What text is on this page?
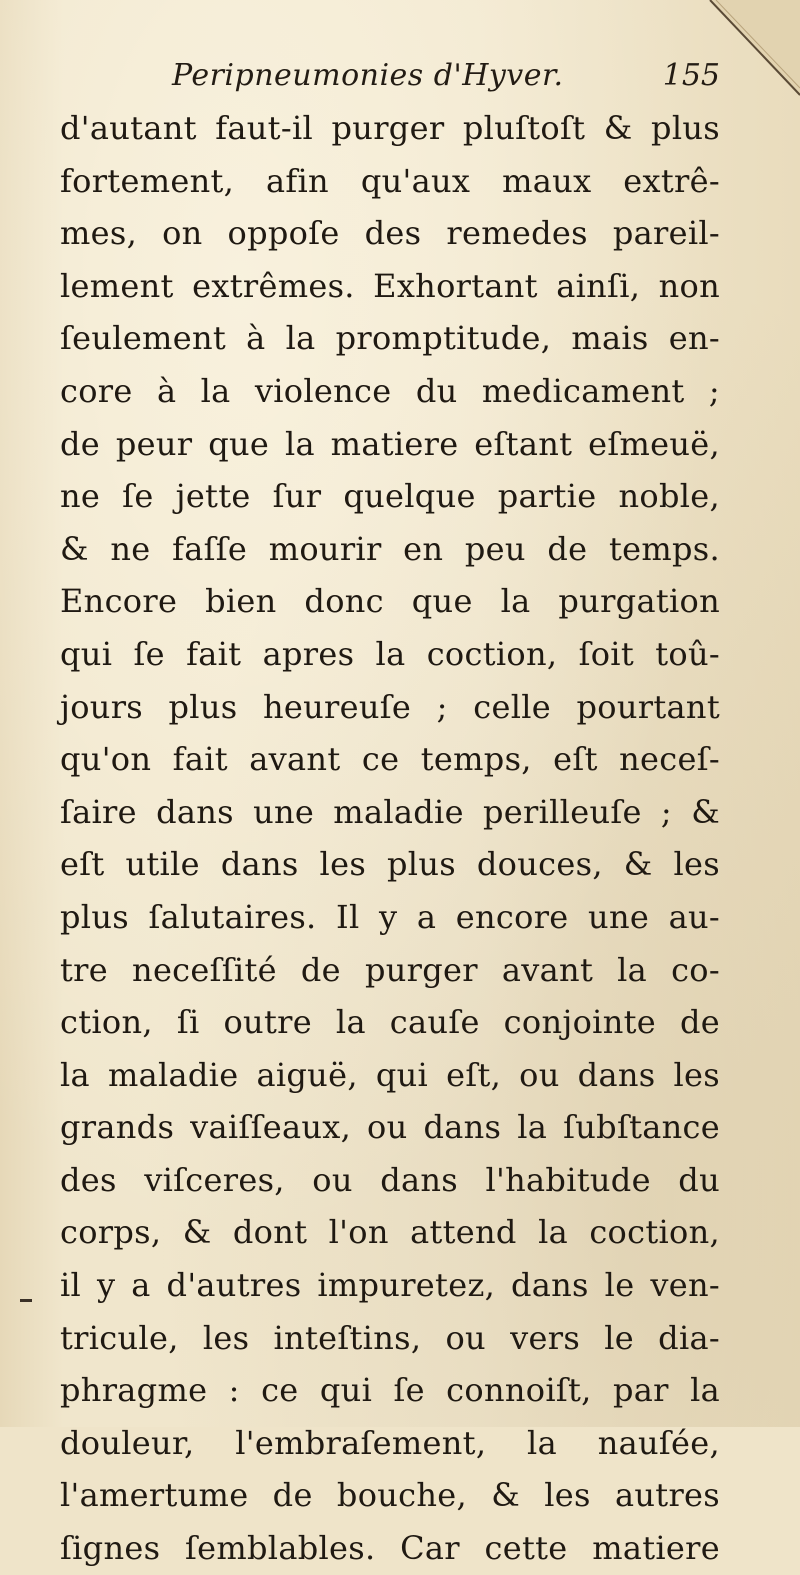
Peripneumonies d'Hyver.	155
d'autant faut-il purger pluſtoſt & plus
fortement, afin qu'aux maux extrê-
mes, on oppoſe des remedes pareil-
lement extrêmes. Exhortant ainſi, non
ſeulement à la promptitude, mais en-
core à la violence du medicament ;
de peur que la matiere eſtant eſmeuë,
ne ſe jette ſur quelque partie noble,
& ne faſſe mourir en peu de temps.
Encore bien donc que la purgation
qui ſe fait apres la coction, ſoit toû-
jours plus heureuſe ; celle pourtant
qu'on fait avant ce temps, eſt neceſ-
ſaire dans une maladie perilleuſe ; &
eſt utile dans les plus douces, & les
plus ſalutaires. Il y a encore une au-
tre neceſſité de purger avant la co-
ction, ſi outre la cauſe conjointe de
la maladie aiguë, qui eſt, ou dans les
grands vaiſſeaux, ou dans la ſubſtance
des viſceres, ou dans l'habitude du
corps, & dont l'on attend la coction,
il y a d'autres impuretez, dans le ven-
tricule, les inteſtins, ou vers le dia-
phragme : ce qui ſe connoiſt, par la
douleur, l'embraſement, la nauſée,
l'amertume de bouche, & les autres
ſignes ſemblables. Car cette matiere
